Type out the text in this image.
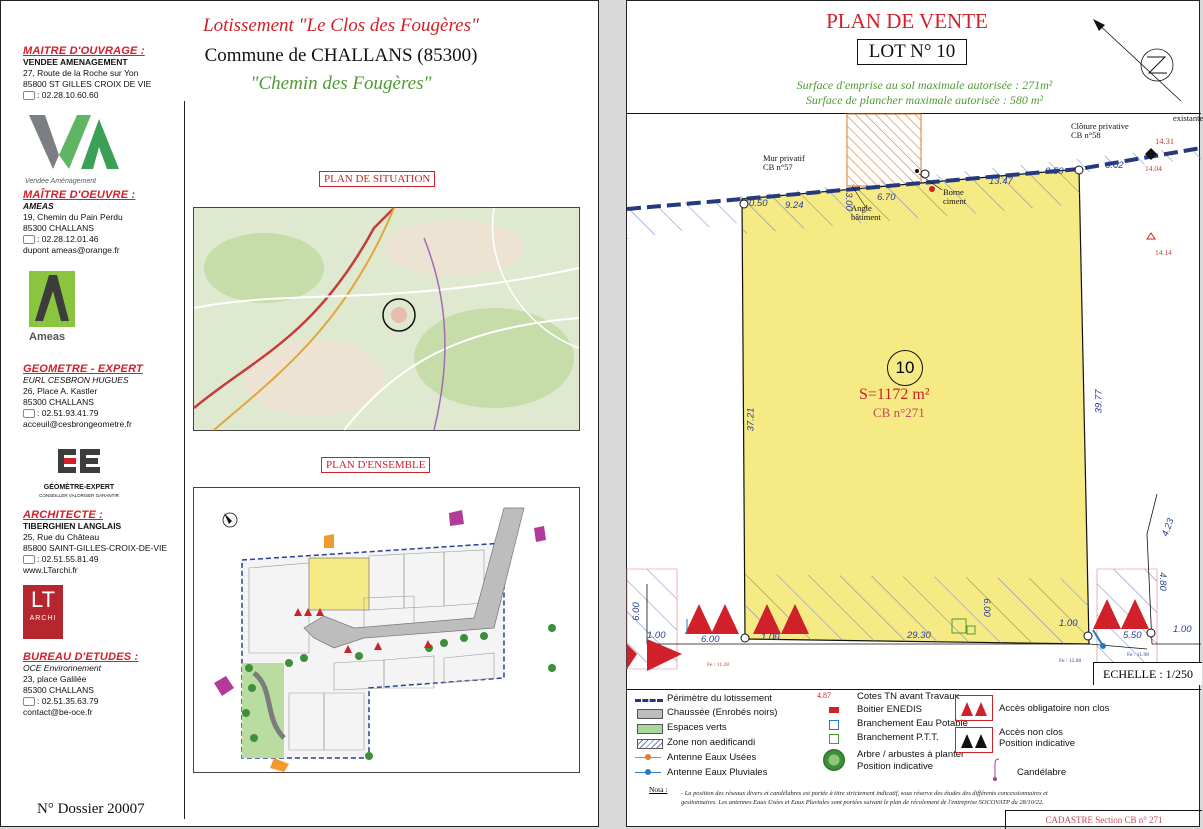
Lotissement "Le Clos des Fougères"
Commune de CHALLANS (85300)
"Chemin des Fougères"
MAITRE D'OUVRAGE :
VENDEE AMENAGEMENT
27, Route de la Roche sur Yon
85800 ST GILLES CROIX DE VIE
: 02.28.10.60.60
Vendée Aménagement
MAÎTRE D'OEUVRE :
AMEAS
19, Chemin du Pain Perdu
85300 CHALLANS
: 02.28.12.01.46
dupont ameas@orange.fr
Ameas
GEOMETRE - EXPERT
EURL CESBRON HUGUES
26, Place A. Kastler
85300 CHALLANS
: 02.51.93.41.79
acceuil@cesbrongeometre.fr
GÉOMÈTRE-EXPERT
CONSEILLER VALORISER GARANTIR
ARCHITECTE :
TIBERGHIEN LANGLAIS
25, Rue du Château
85800 SAINT-GILLES-CROIX-DE-VIE
: 02.51.55.81.49
www.LTarchi.fr
LT
ARCHI
BUREAU D'ETUDES :
OCE Environnement
23, place Galilée
85300 CHALLANS
: 02.51.35.63.79
contact@be-oce.fr
PLAN DE SITUATION
PLAN D'ENSEMBLE
N° Dossier 20007
PLAN DE VENTE
LOT N° 10
Surface d'emprise au sol maximale autorisée : 271m²
Surface de plancher maximale autorisée : 580 m²
10
S=1172 m²
CB n°271
0.50 9.24	3.00 6.70
13.47
0.50
6.02
37.21
39.77
1.00	6.00	1.00	29.30
1.00
5.50
1.00
6.00
6.00
4.23
4.80
14.31
14.04
14.14
Fe : 11.28
Fe : 12.08
Fe : 11.98
Mur privatif
CB n°57
Clôture privative
CB n°58
existante
Borne
ciment
Angle
bâtiment
ECHELLE : 1/250
Périmètre du lotissement
Chaussée (Enrobés noirs)
Espaces verts
Zone non aedificandi
Antenne Eaux Usées
Antenne Eaux Pluviales
4.87	Cotes TN avant Travaux
Boitier ENEDIS
Branchement Eau Potable
Branchement P.T.T.
Arbre / arbustes à planter
Position indicative
Accès obligatoire non clos
Accès non clos
Position indicative
Candélabre
Nota : - La position des réseaux divers et candélabres est portée à titre strictement indicatif, sous réserve des études des différents concessionnaires et
gestionnaires. Les antennes Eaux Usées et Eaux Pluviales sont portées suivant le plan de récolement de l'entreprise SOCOVATP du 28/10/22.
CADASTRE Section CB n° 271
